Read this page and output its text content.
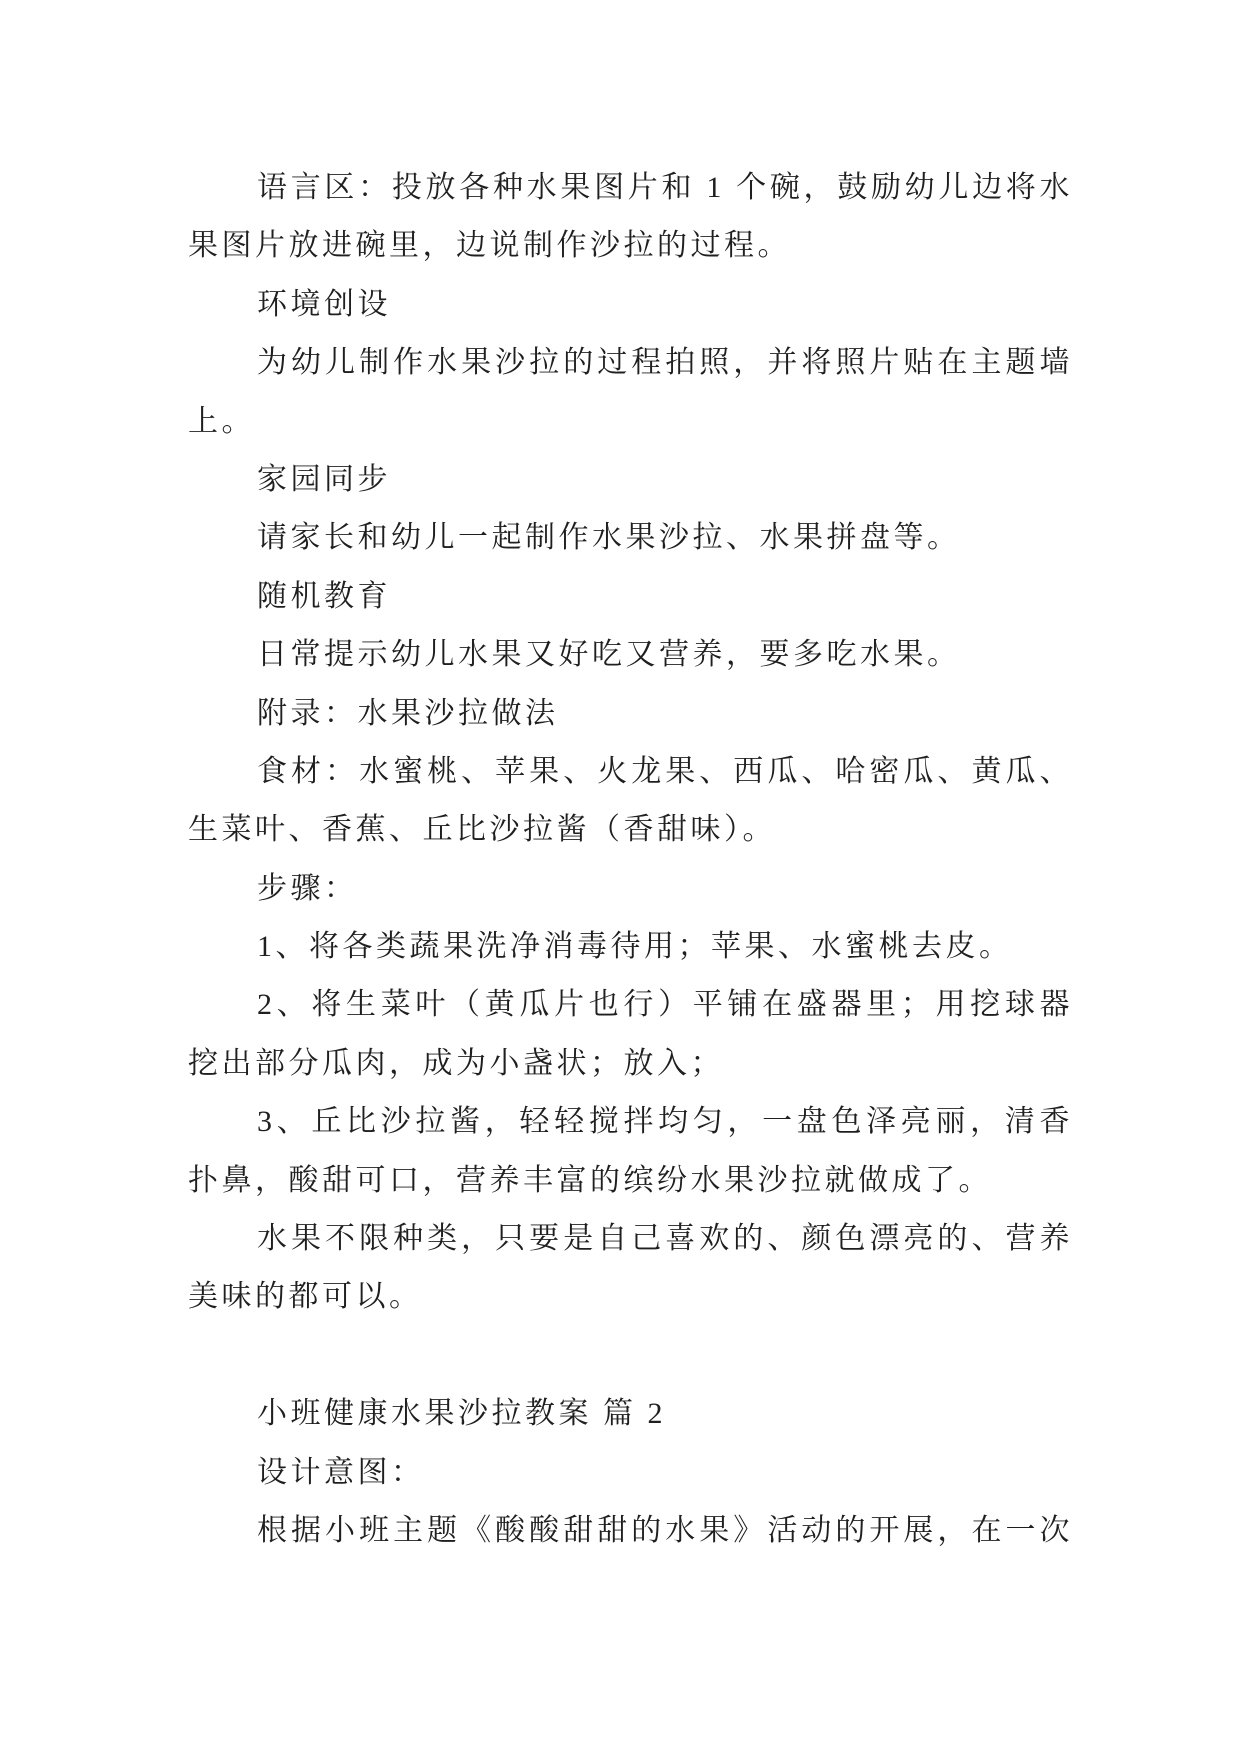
语言区：投放各种水果图片和 1 个碗，鼓励幼儿边将水
果图片放进碗里，边说制作沙拉的过程。
环境创设
为幼儿制作水果沙拉的过程拍照，并将照片贴在主题墙
上。
家园同步
请家长和幼儿一起制作水果沙拉、水果拼盘等。
随机教育
日常提示幼儿水果又好吃又营养，要多吃水果。
附录：水果沙拉做法
食材：水蜜桃、苹果、火龙果、西瓜、哈密瓜、黄瓜、
生菜叶、香蕉、丘比沙拉酱（香甜味）。
步骤：
1、将各类蔬果洗净消毒待用；苹果、水蜜桃去皮。
2、将生菜叶（黄瓜片也行）平铺在盛器里；用挖球器
挖出部分瓜肉，成为小盏状；放入；
3、丘比沙拉酱，轻轻搅拌均匀，一盘色泽亮丽，清香
扑鼻，酸甜可口，营养丰富的缤纷水果沙拉就做成了。
水果不限种类，只要是自己喜欢的、颜色漂亮的、营养
美味的都可以。
小班健康水果沙拉教案 篇 2
设计意图：
根据小班主题《酸酸甜甜的水果》活动的开展，在一次
